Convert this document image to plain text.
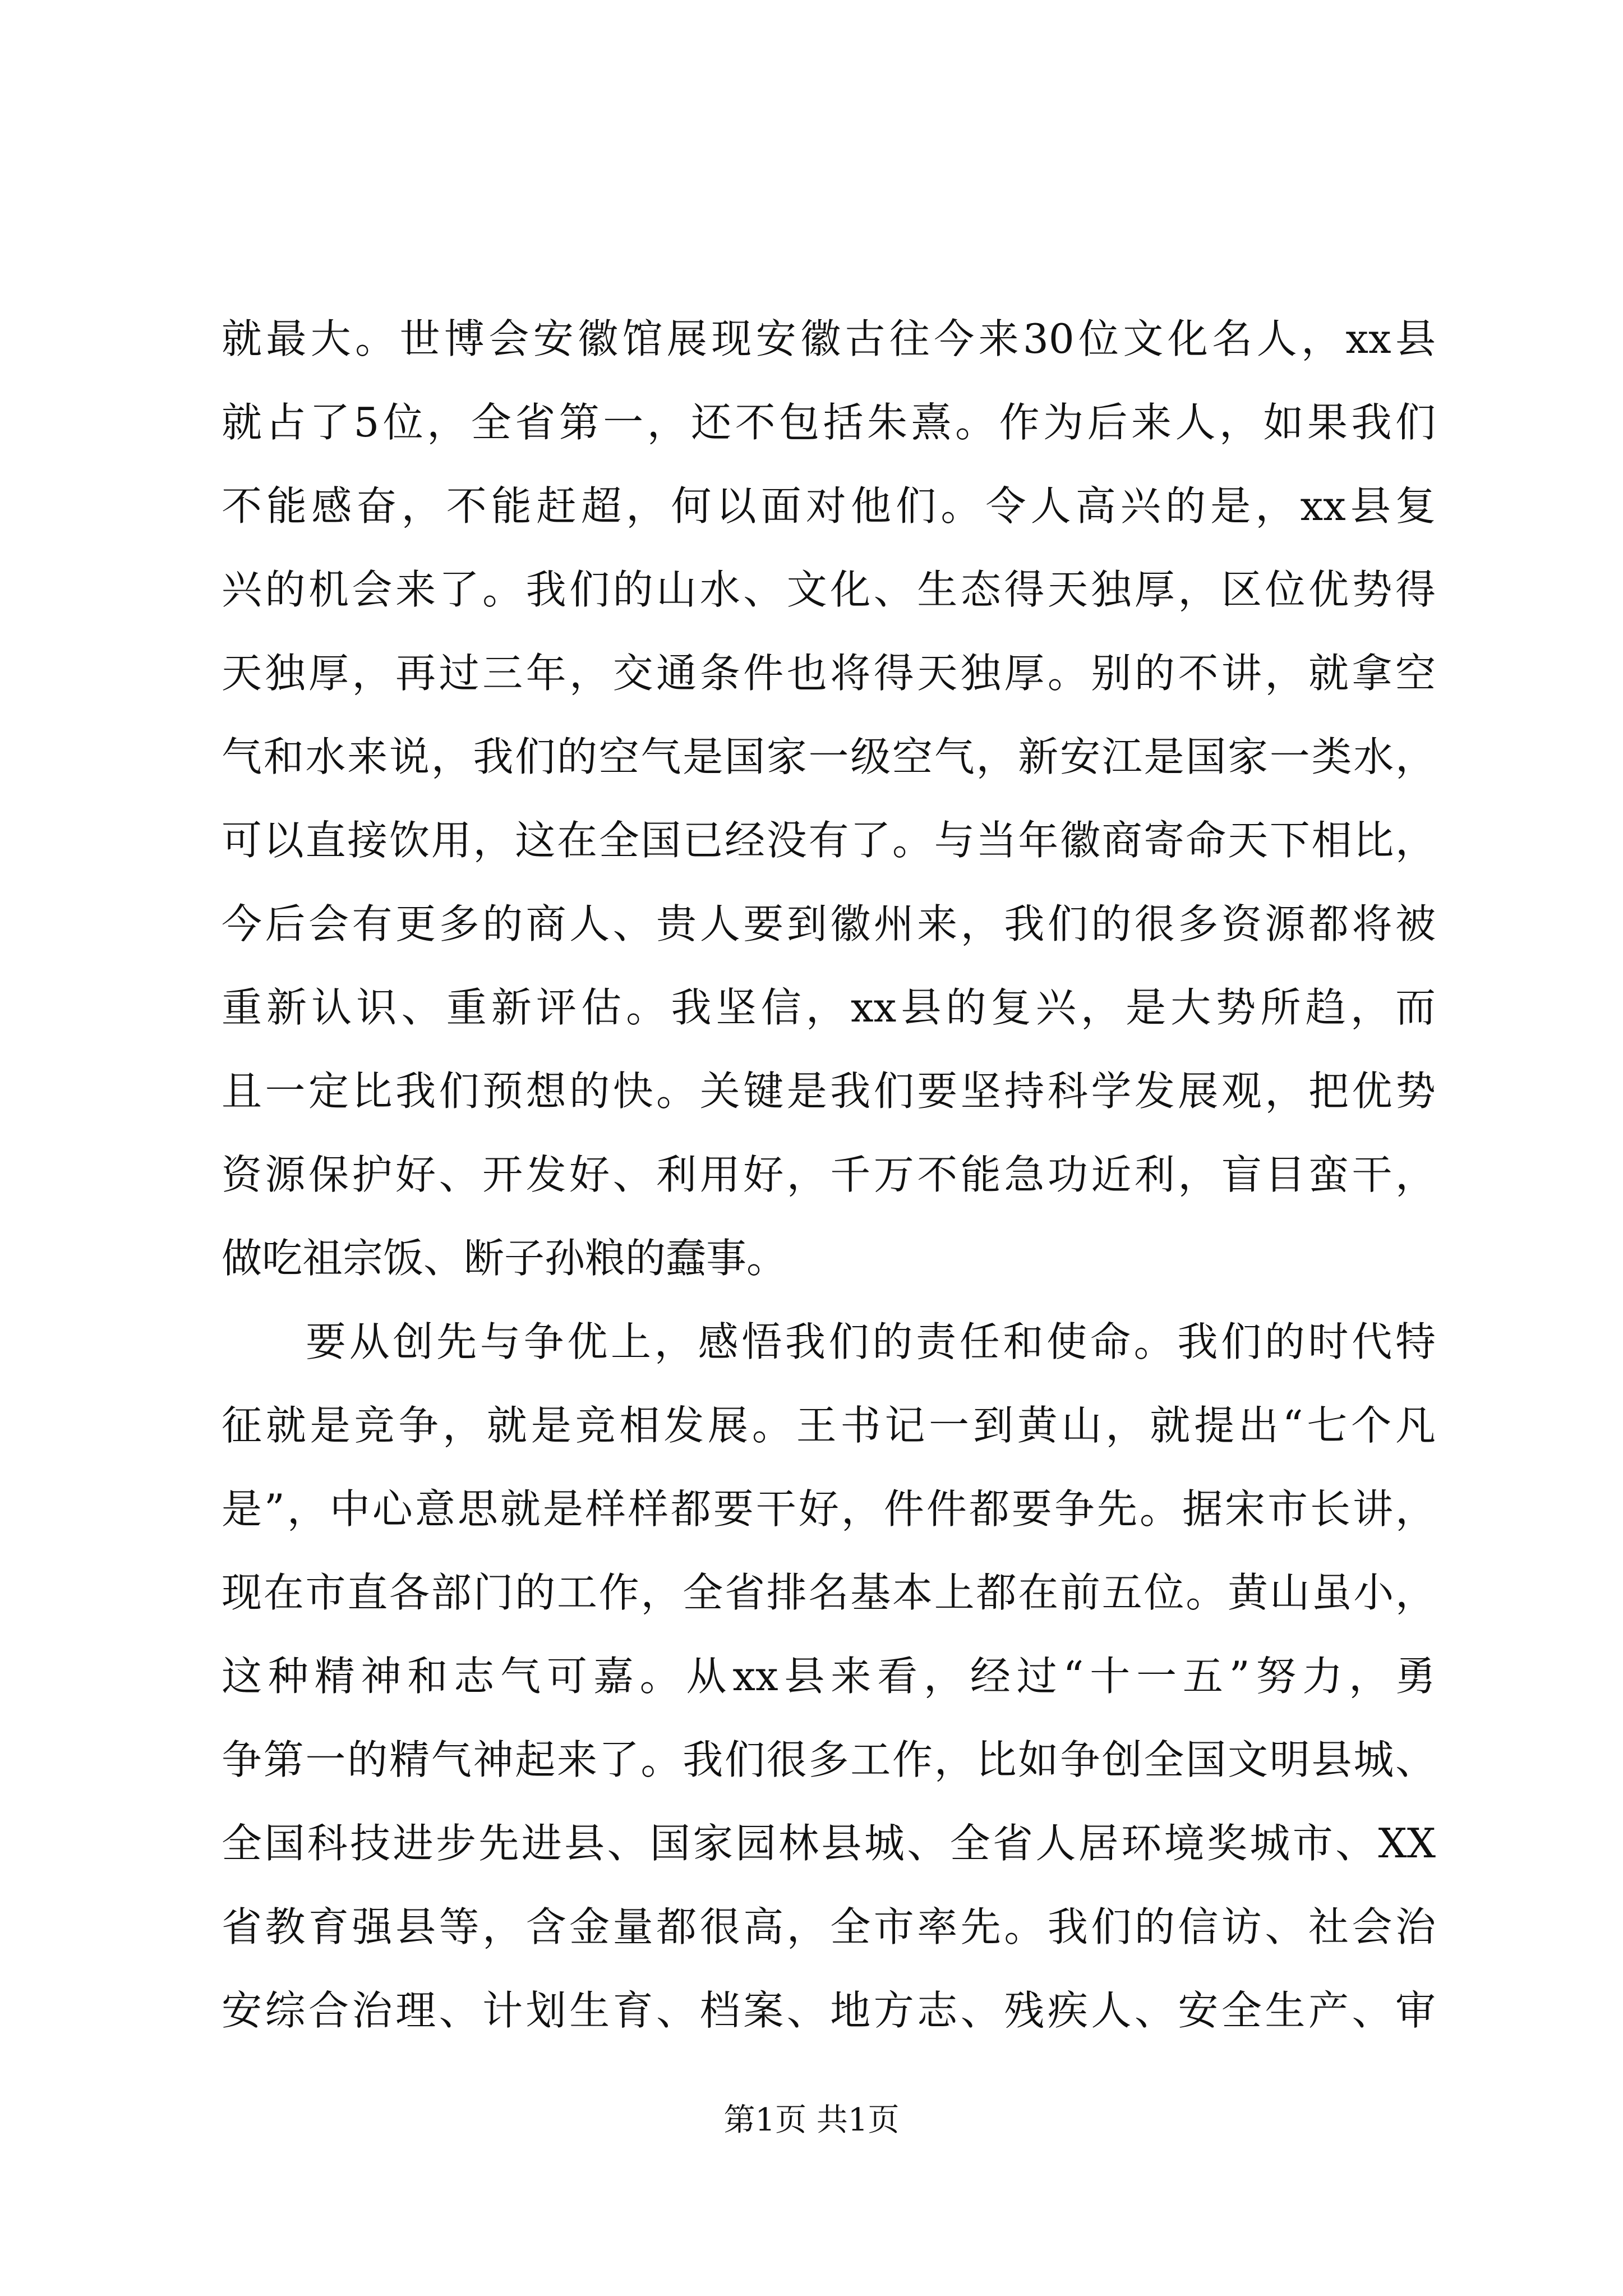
就最大。世博会安徽馆展现安徽古往今来30位文化名人，xx县
就占了5位，全省第一，还不包括朱熹。作为后来人，如果我们
不能感奋，不能赶超，何以面对他们。令人高兴的是，xx县复
兴的机会来了。我们的山水、文化、生态得天独厚，区位优势得
天独厚，再过三年，交通条件也将得天独厚。别的不讲，就拿空
气和水来说，我们的空气是国家一级空气，新安江是国家一类水，
可以直接饮用，这在全国已经没有了。与当年徽商寄命天下相比，
今后会有更多的商人、贵人要到徽州来，我们的很多资源都将被
重新认识、重新评估。我坚信，xx县的复兴，是大势所趋，而
且一定比我们预想的快。关键是我们要坚持科学发展观，把优势
资源保护好、开发好、利用好，千万不能急功近利，盲目蛮干，
做吃祖宗饭、断子孙粮的蠢事。
要从创先与争优上，感悟我们的责任和使命。我们的时代特
征就是竞争，就是竞相发展。王书记一到黄山，就提出“七个凡
是”，中心意思就是样样都要干好，件件都要争先。据宋市长讲，
现在市直各部门的工作，全省排名基本上都在前五位。黄山虽小，
这种精神和志气可嘉。从xx县来看，经过“十一五”努力，勇
争第一的精气神起来了。我们很多工作，比如争创全国文明县城、
全国科技进步先进县、国家园林县城、全省人居环境奖城市、XX
省教育强县等，含金量都很高，全市率先。我们的信访、社会治
安综合治理、计划生育、档案、地方志、残疾人、安全生产、审
第1页 共1页
